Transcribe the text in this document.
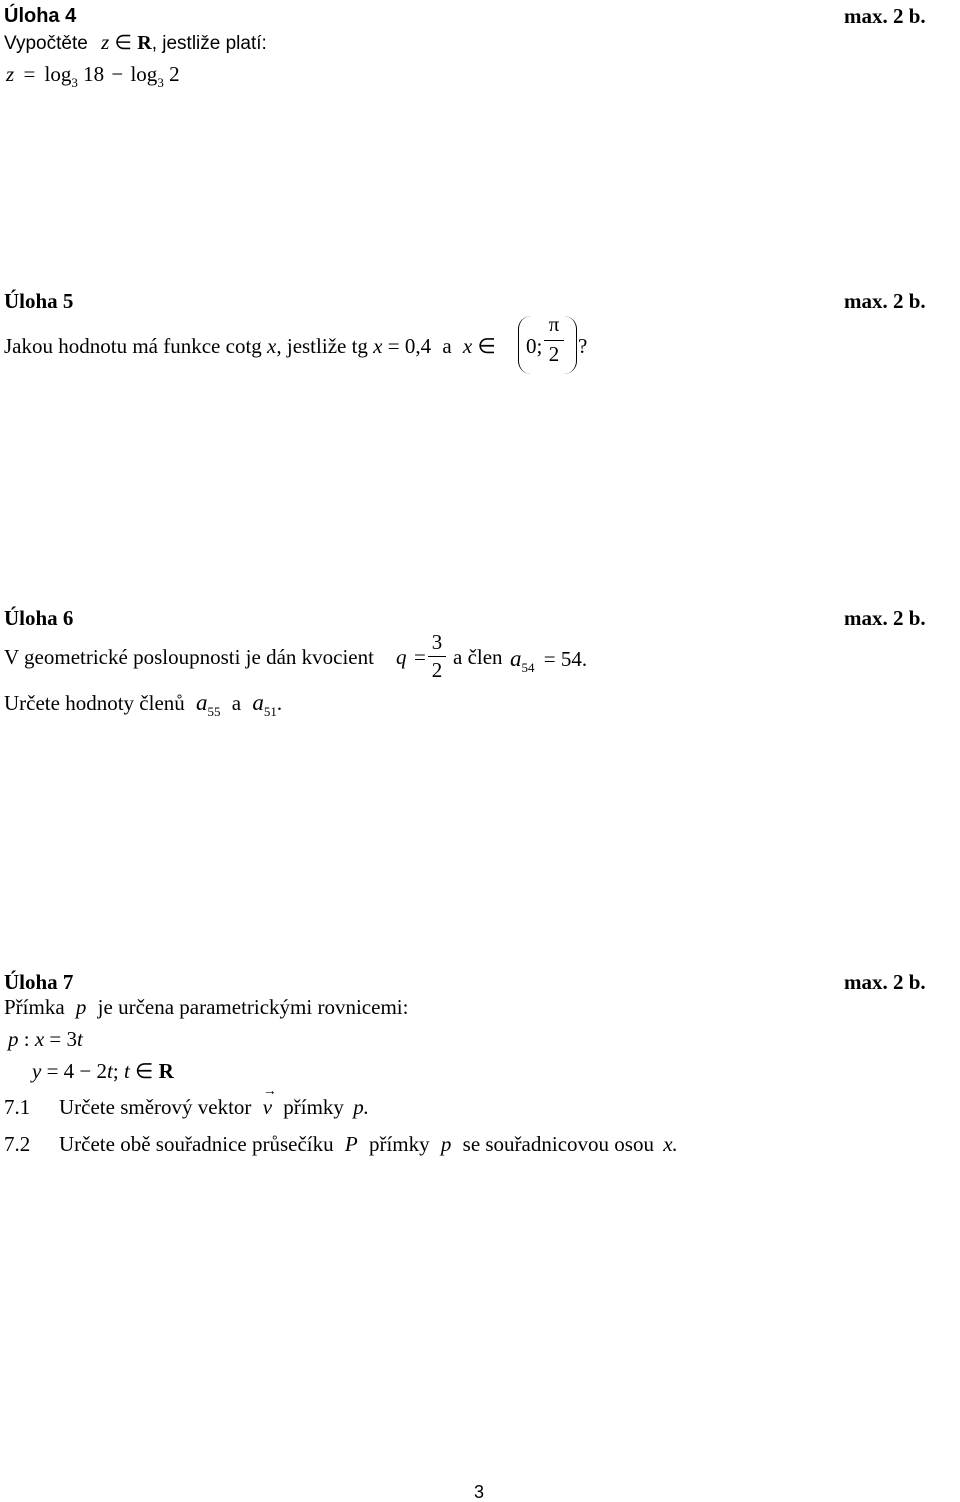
Úloha 4	max. 2 b.
Vypočtěte z ∈ R, jestliže platí:
$z = \log_3 18 - \log_3 2$
Úloha 5	max. 2 b.
Jakou hodnotu má funkce cotg x, jestliže tg x = 0,4 a x ∈ 0;
π
2 ?
Úloha 6	max. 2 b.
V geometrické posloupnosti je dán kvocient q =
3
2
a člen $a_{54} = 54$.
Určete hodnoty členů $a_{55}$ a $a_{51}$.
Úloha 7	max. 2 b.
Přímka p je určena parametrickými rovnicemi:
p : x = 3t
y = 4 − 2t; t ∈ R
7.1 Určete směrový vektor
→
v přímky p.
7.2 Určete obě souřadnice průsečíku P přímky p se souřadnicovou osou x.
3
